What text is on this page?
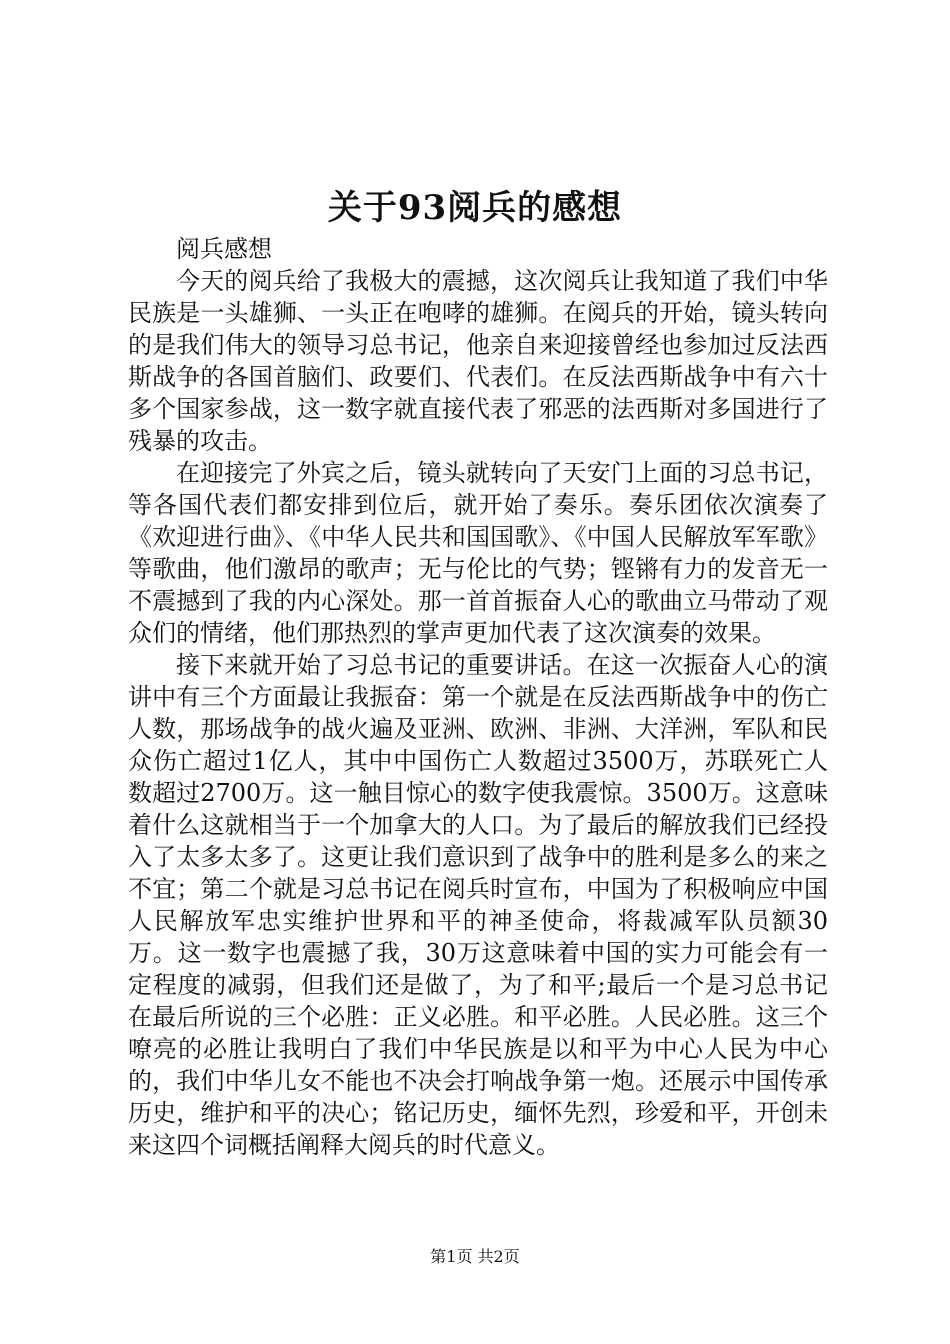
关于93阅兵的感想

阅兵感想

今天的阅兵给了我极大的震撼，这次阅兵让我知道了我们中华民族是一头雄狮、一头正在咆哮的雄狮。在阅兵的开始，镜头转向的是我们伟大的领导习总书记，他亲自来迎接曾经也参加过反法西斯战争的各国首脑们、政要们、代表们。在反法西斯战争中有六十多个国家参战，这一数字就直接代表了邪恶的法西斯对多国进行了残暴的攻击。

在迎接完了外宾之后，镜头就转向了天安门上面的习总书记，等各国代表们都安排到位后，就开始了奏乐。奏乐团依次演奏了《欢迎进行曲》、《中华人民共和国国歌》、《中国人民解放军军歌》等歌曲，他们激昂的歌声；无与伦比的气势；铿锵有力的发音无一不震撼到了我的内心深处。那一首首振奋人心的歌曲立马带动了观众们的情绪，他们那热烈的掌声更加代表了这次演奏的效果。

接下来就开始了习总书记的重要讲话。在这一次振奋人心的演讲中有三个方面最让我振奋：第一个就是在反法西斯战争中的伤亡人数，那场战争的战火遍及亚洲、欧洲、非洲、大洋洲，军队和民众伤亡超过1亿人，其中中国伤亡人数超过3500万，苏联死亡人数超过2700万。这一触目惊心的数字使我震惊。3500万。这意味着什么这就相当于一个加拿大的人口。为了最后的解放我们已经投入了太多太多了。这更让我们意识到了战争中的胜利是多么的来之不宜；第二个就是习总书记在阅兵时宣布，中国为了积极响应中国人民解放军忠实维护世界和平的神圣使命，将裁减军队员额30万。这一数字也震撼了我，30万这意味着中国的实力可能会有一定程度的减弱，但我们还是做了，为了和平;最后一个是习总书记在最后所说的三个必胜：正义必胜。和平必胜。人民必胜。这三个嘹亮的必胜让我明白了我们中华民族是以和平为中心人民为中心的，我们中华儿女不能也不决会打响战争第一炮。还展示中国传承历史，维护和平的决心；铭记历史，缅怀先烈，珍爱和平，开创未来这四个词概括阐释大阅兵的时代意义。

第1页 共2页
